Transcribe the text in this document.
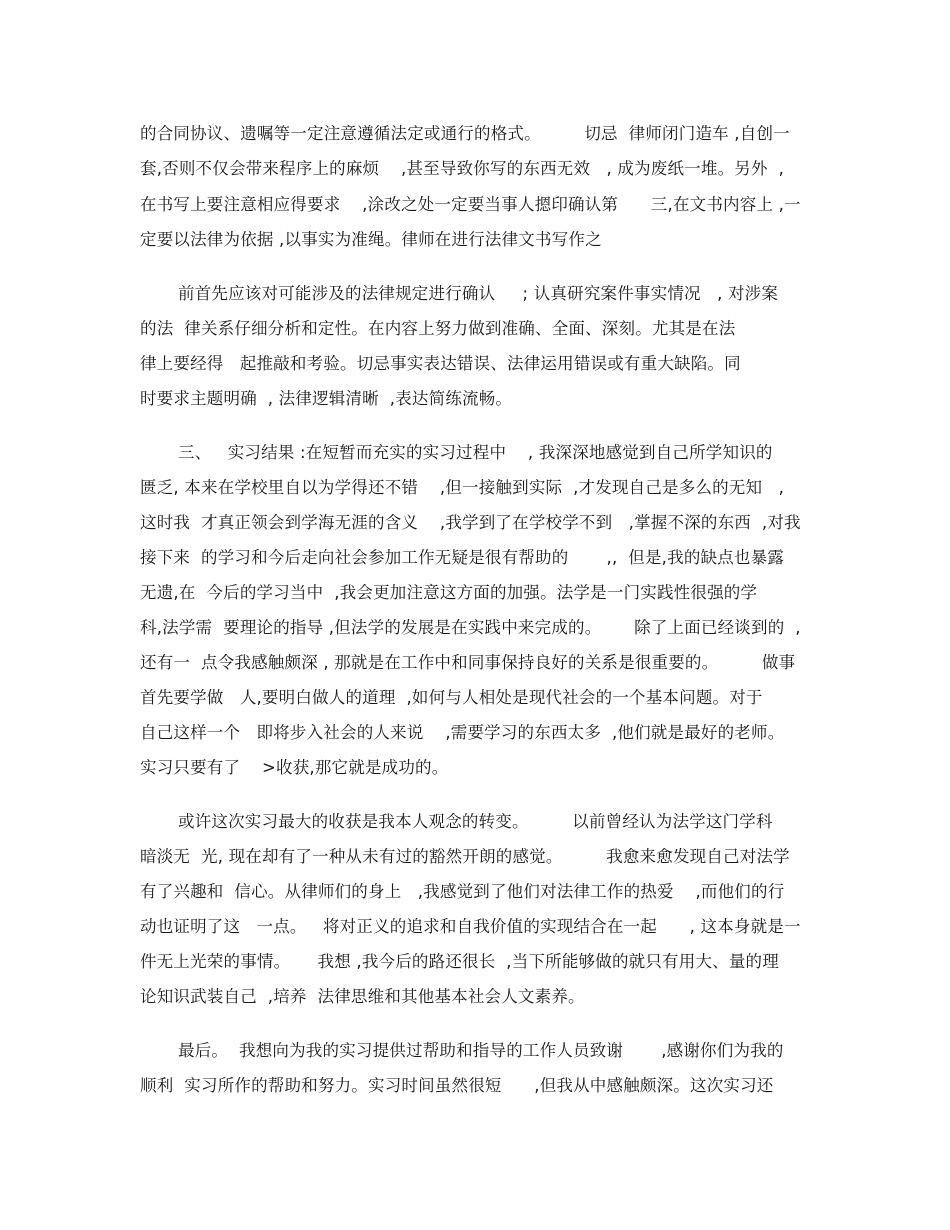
的合同协议、遗嘱等一定注意遵循法定或通行的格式。        切忌  律师闭门造车 ,自创一
套,否则不仅会带来程序上的麻烦    ,甚至导致你写的东西无效   , 成为废纸一堆。另外  ,
在书写上要注意相应得要求    ,涂改之处一定要当事人摁印确认第      三,在文书内容上 ,一
定要以法律为依据 ,以事实为准绳。律师在进行法律文书写作之
前首先应该对可能涉及的法律规定进行确认     ; 认真研究案件事实情况   , 对涉案
的法  律关系仔细分析和定性。在内容上努力做到准确、全面、深刻。尤其是在法
律上要经得   起推敲和考验。切忌事实表达错误、法律运用错误或有重大缺陷。同
时要求主题明确  , 法律逻辑清晰  ,表达简练流畅。
三、   实习结果 :在短暂而充实的实习过程中    , 我深深地感觉到自己所学知识的
匮乏, 本来在学校里自以为学得还不错    ,但一接触到实际  ,才发现自己是多么的无知   ,
这时我  才真正领会到学海无涯的含义    ,我学到了在学校学不到   ,掌握不深的东西  ,对我
接下来  的学习和今后走向社会参加工作无疑是很有帮助的       ,,  但是,我的缺点也暴露
无遗,在  今后的学习当中  ,我会更加注意这方面的加强。法学是一门实践性很强的学
科,法学需  要理论的指导 ,但法学的发展是在实践中来完成的。      除了上面已经谈到的  ,
还有一  点令我感触颇深 , 那就是在工作中和同事保持良好的关系是很重要的。        做事
首先要学做   人,要明白做人的道理  ,如何与人相处是现代社会的一个基本问题。对于
自己这样一个   即将步入社会的人来说    ,需要学习的东西太多  ,他们就是最好的老师。
实习只要有了    >收获,那它就是成功的。
或许这次实习最大的收获是我本人观念的转变。        以前曾经认为法学这门学科
暗淡无  光, 现在却有了一种从未有过的豁然开朗的感觉。        我愈来愈发现自己对法学
有了兴趣和  信心。从律师们的身上   ,我感觉到了他们对法律工作的热爱    ,而他们的行
动也证明了这   一点。   将对正义的追求和自我价值的实现结合在一起      , 这本身就是一
件无上光荣的事情。     我想 ,我今后的路还很长  ,当下所能够做的就只有用大、量的理
论知识武装自己  ,培养  法律思维和其他基本社会人文素养。
最后。  我想向为我的实习提供过帮助和指导的工作人员致谢       ,感谢你们为我的
顺利  实习所作的帮助和努力。实习时间虽然很短      ,但我从中感触颇深。这次实习还
